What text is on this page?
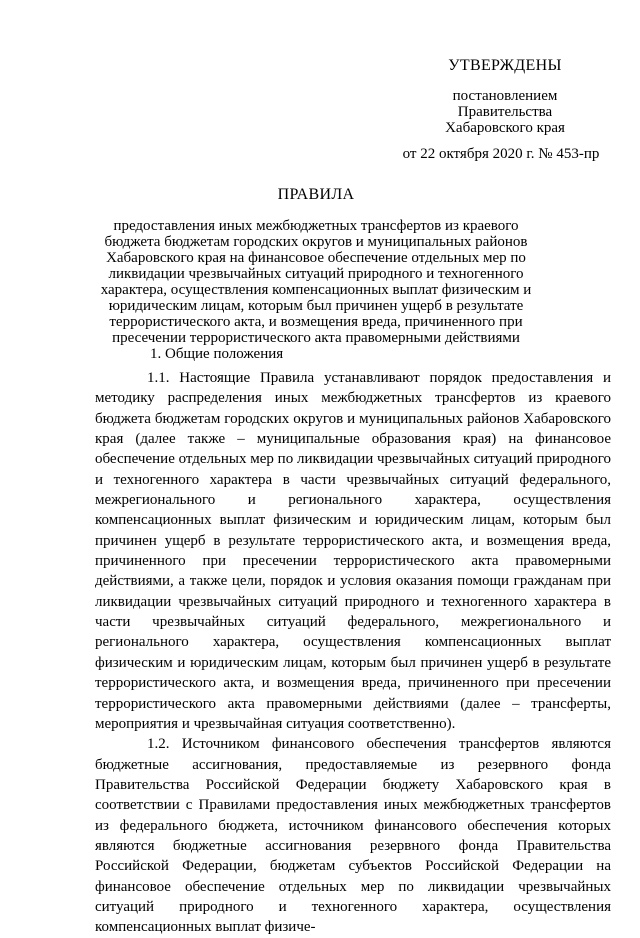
УТВЕРЖДЕНЫ
постановлением
Правительства
Хабаровского края
от 22 октября 2020 г. № 453-пр
ПРАВИЛА
предоставления иных межбюджетных трансфертов из краевого бюджета бюджетам городских округов и муниципальных районов Хабаровского края на финансовое обеспечение отдельных мер по ликвидации чрезвычайных ситуаций природного и техногенного характера, осуществления компенсационных выплат физическим и юридическим лицам, которым был причинен ущерб в результате террористического акта, и возмещения вреда, причиненного при пресечении террористического акта правомерными действиями
1. Общие положения

1.1. Настоящие Правила устанавливают порядок предоставления и методику распределения иных межбюджетных трансфертов из краевого бюджета бюджетам городских округов и муниципальных районов Хабаровского края (далее также – муниципальные образования края) на финансовое обеспечение отдельных мер по ликвидации чрезвычайных ситуаций природного и техногенного характера в части чрезвычайных ситуаций федерального, межрегионального и регионального характера, осуществления компенсационных выплат физическим и юридическим лицам, которым был причинен ущерб в результате террористического акта, и возмещения вреда, причиненного при пресечении террористического акта правомерными действиями, а также цели, порядок и условия оказания помощи гражданам при ликвидации чрезвычайных ситуаций природного и техногенного характера в части чрезвычайных ситуаций федерального, межрегионального и регионального характера, осуществления компенсационных выплат физическим и юридическим лицам, которым был причинен ущерб в результате террористического акта, и возмещения вреда, причиненного при пресечении террористического акта правомерными действиями (далее – трансферты, мероприятия и чрезвычайная ситуация соответственно).

1.2. Источником финансового обеспечения трансфертов являются бюджетные ассигнования, предоставляемые из резервного фонда Правительства Российской Федерации бюджету Хабаровского края в соответствии с Правилами предоставления иных межбюджетных трансфертов из федерального бюджета, источником финансового обеспечения которых являются бюджетные ассигнования резервного фонда Правительства Российской Федерации, бюджетам субъектов Российской Федерации на финансовое обеспечение отдельных мер по ликвидации чрезвычайных ситуаций природного и техногенного характера, осуществления компенсационных выплат физиче-
